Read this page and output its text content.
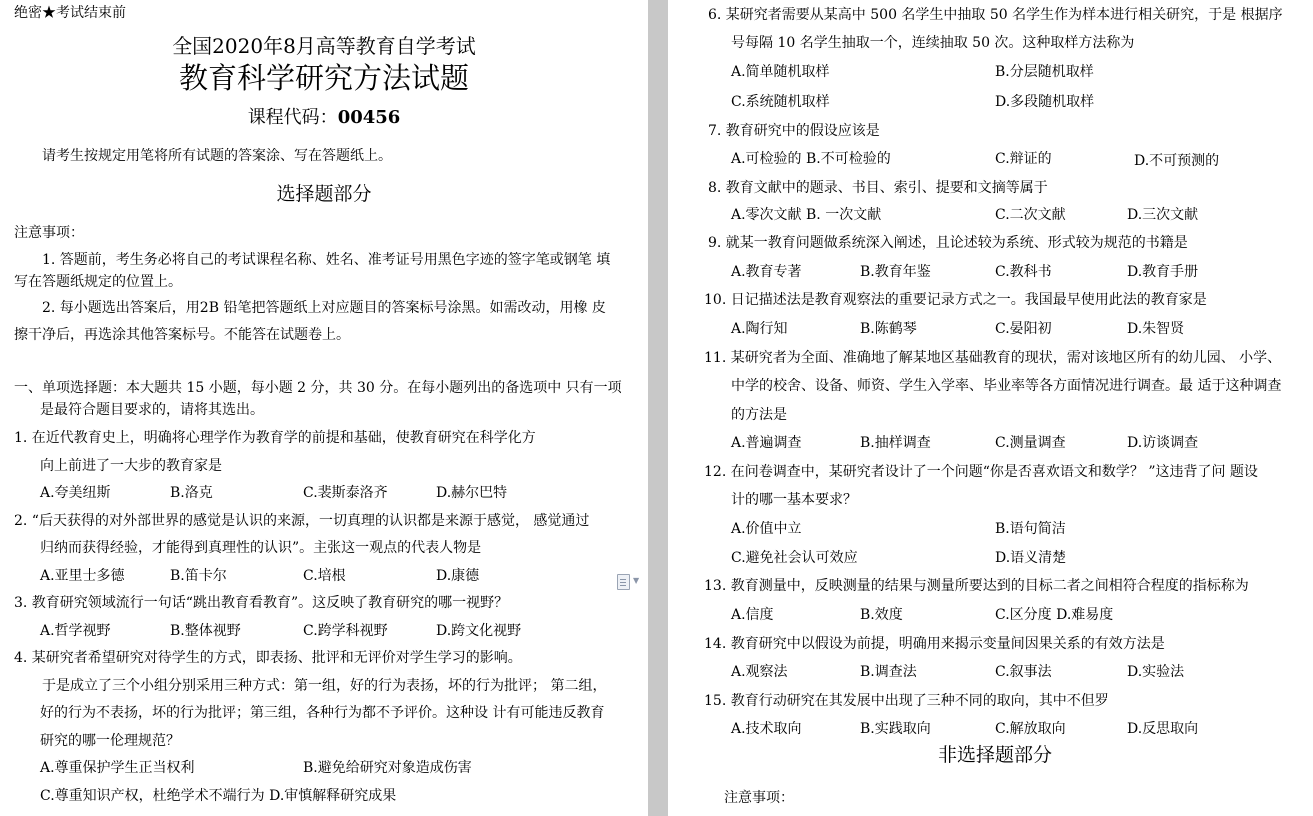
绝密★考试结束前
全国2020年8月高等教育自学考试
教育科学研究方法试题
课程代码：00456
请考生按规定用笔将所有试题的答案涂、写在答题纸上。
选择题部分
注意事项：
1. 答题前，考生务必将自己的考试课程名称、姓名、准考证号用黑色字迹的签字笔或钢笔 填
写在答题纸规定的位置上。
2. 每小题选出答案后，用2B 铅笔把答题纸上对应题目的答案标号涂黑。如需改动，用橡 皮
擦干净后，再选涂其他答案标号。不能答在试题卷上。
一、单项选择题：本大题共 15 小题，每小题 2 分，共 30 分。在每小题列出的备选项中 只有一项
是最符合题目要求的，请将其选出。
1. 在近代教育史上，明确将心理学作为教育学的前提和基础，使教育研究在科学化方
向上前进了一大步的教育家是
A.夸美纽斯	B.洛克	C.裴斯泰洛齐	D.赫尔巴特
2. “后天获得的对外部世界的感觉是认识的来源，一切真理的认识都是来源于感觉， 感觉通过
归纳而获得经验，才能得到真理性的认识”。主张这一观点的代表人物是
A.亚里士多德	B.笛卡尔	C.培根	D.康德	▼
3. 教育研究领域流行一句话“跳出教育看教育”。这反映了教育研究的哪一视野？
A.哲学视野	B.整体视野	C.跨学科视野	D.跨文化视野
4. 某研究者希望研究对待学生的方式，即表扬、批评和无评价对学生学习的影响。
于是成立了三个小组分别采用三种方式：第一组，好的行为表扬，坏的行为批评； 第二组，
好的行为不表扬，坏的行为批评；第三组，各种行为都不予评价。这种设 计有可能违反教育
研究的哪一伦理规范？
A.尊重保护学生正当权利	B.避免给研究对象造成伤害
C.尊重知识产权，杜绝学术不端行为 D.审慎解释研究成果
6. 某研究者需要从某高中 500 名学生中抽取 50 名学生作为样本进行相关研究，于是 根据序
号每隔 10 名学生抽取一个，连续抽取 50 次。这种取样方法称为
A.简单随机取样	B.分层随机取样
C.系统随机取样	D.多段随机取样
7. 教育研究中的假设应该是
A.可检验的 B.不可检验的	C.辩证的	D.不可预测的
8. 教育文献中的题录、书目、索引、提要和文摘等属于
A.零次文献 B. 一次文献	C.二次文献	D.三次文献
9. 就某一教育问题做系统深入阐述，且论述较为系统、形式较为规范的书籍是
A.教育专著	B.教育年鉴	C.教科书	D.教育手册
10. 日记描述法是教育观察法的重要记录方式之一。我国最早使用此法的教育家是
A.陶行知	B.陈鹤琴	C.晏阳初	D.朱智贤
11. 某研究者为全面、准确地了解某地区基础教育的现状，需对该地区所有的幼儿园、 小学、
中学的校舍、设备、师资、学生入学率、毕业率等各方面情况进行调查。最 适于这种调查
的方法是
A.普遍调查	B.抽样调查	C.测量调查	D.访谈调查
12. 在问卷调查中，某研究者设计了一个问题“你是否喜欢语文和数学？ ”这违背了问 题设
计的哪一基本要求？
A.价值中立	B.语句简洁
C.避免社会认可效应	D.语义清楚
13. 教育测量中，反映测量的结果与测量所要达到的目标二者之间相符合程度的指标称为
A.信度	B.效度	C.区分度 D.难易度
14. 教育研究中以假设为前提，明确用来揭示变量间因果关系的有效方法是
A.观察法	B.调查法	C.叙事法	D.实验法
15. 教育行动研究在其发展中出现了三种不同的取向，其中不但罗
A.技术取向	B.实践取向	C.解放取向	D.反思取向
非选择题部分
注意事项：
